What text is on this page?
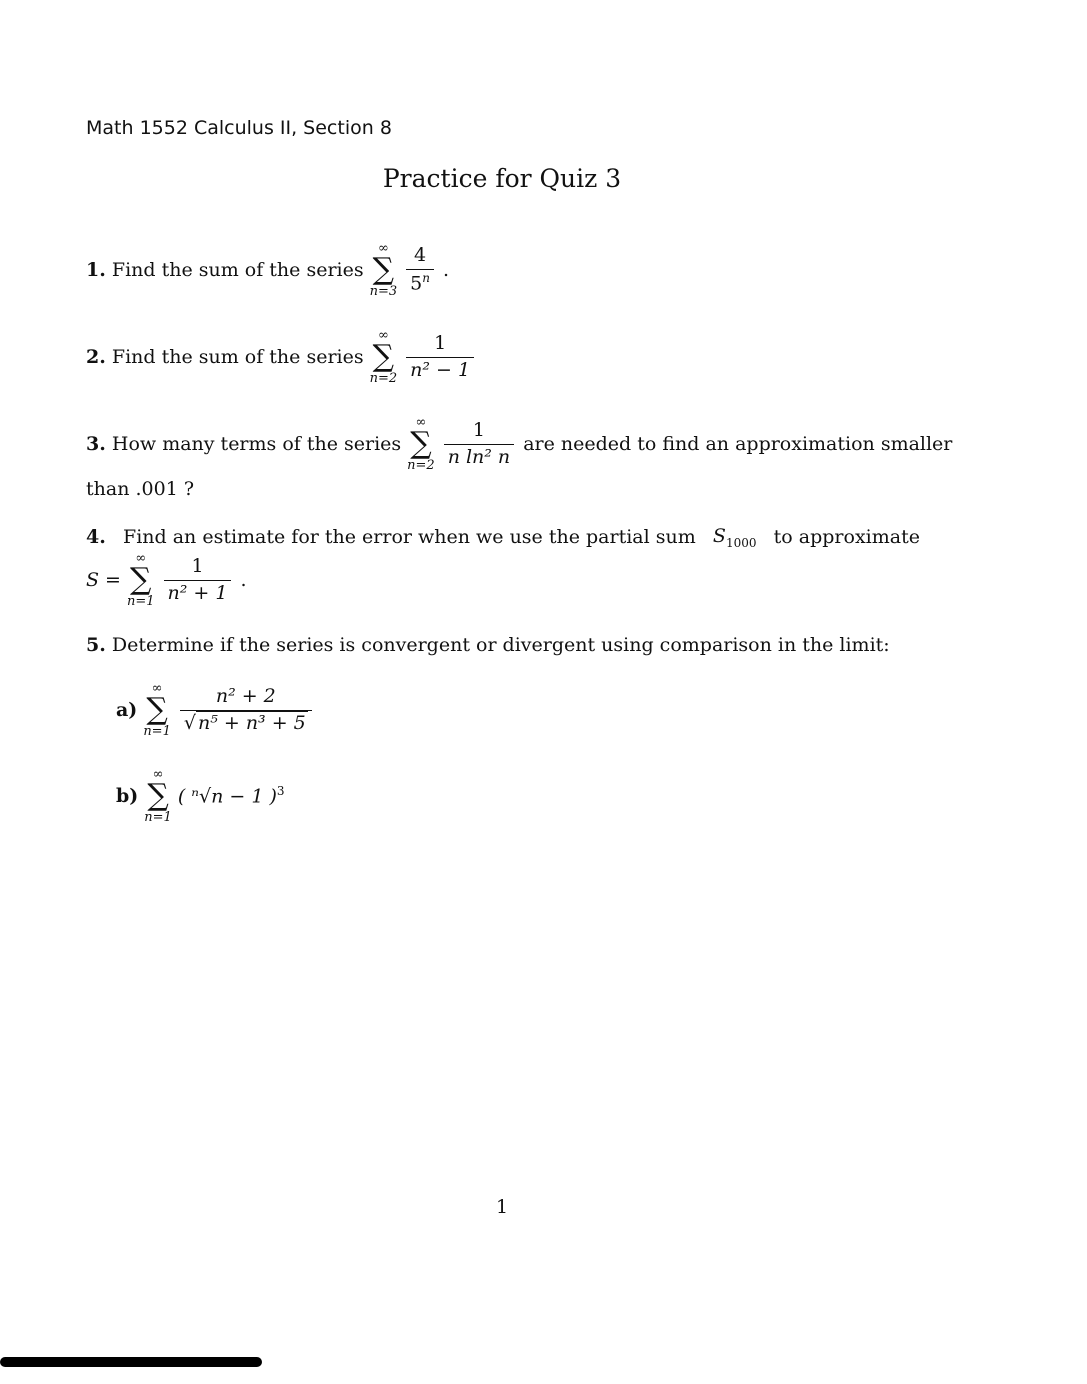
Math 1552 Calculus II, Section 8
Practice for Quiz 3
1.
Find the sum of the series
∞
∑
$n=3 \frac{4}{5^n}$
.
2.
Find the sum of the series
∞
∑
$n=2 \frac{1}{\text{n² − 1}}$
3.
How many terms of the series
∞
∑
$n=2 \frac{1}{\text{n ln² n}}$
are needed to find an approximation smaller
than .001 ?
4. Find an estimate for the error when we use the partial sum $S_{1000}$ to approximate
S =
∞
∑
$n=1 \frac{1}{\text{n² + 1}}$
.
5.
Determine if the series is convergent or divergent using comparison in the limit:
a)
∞
∑
$n=1 \frac{\text{n² + 2}}{\text{√ n⁵ + n³ + 5}}$
b)
∞
∑
n=1
( ⁿ√n − 1 )$^3$
1
